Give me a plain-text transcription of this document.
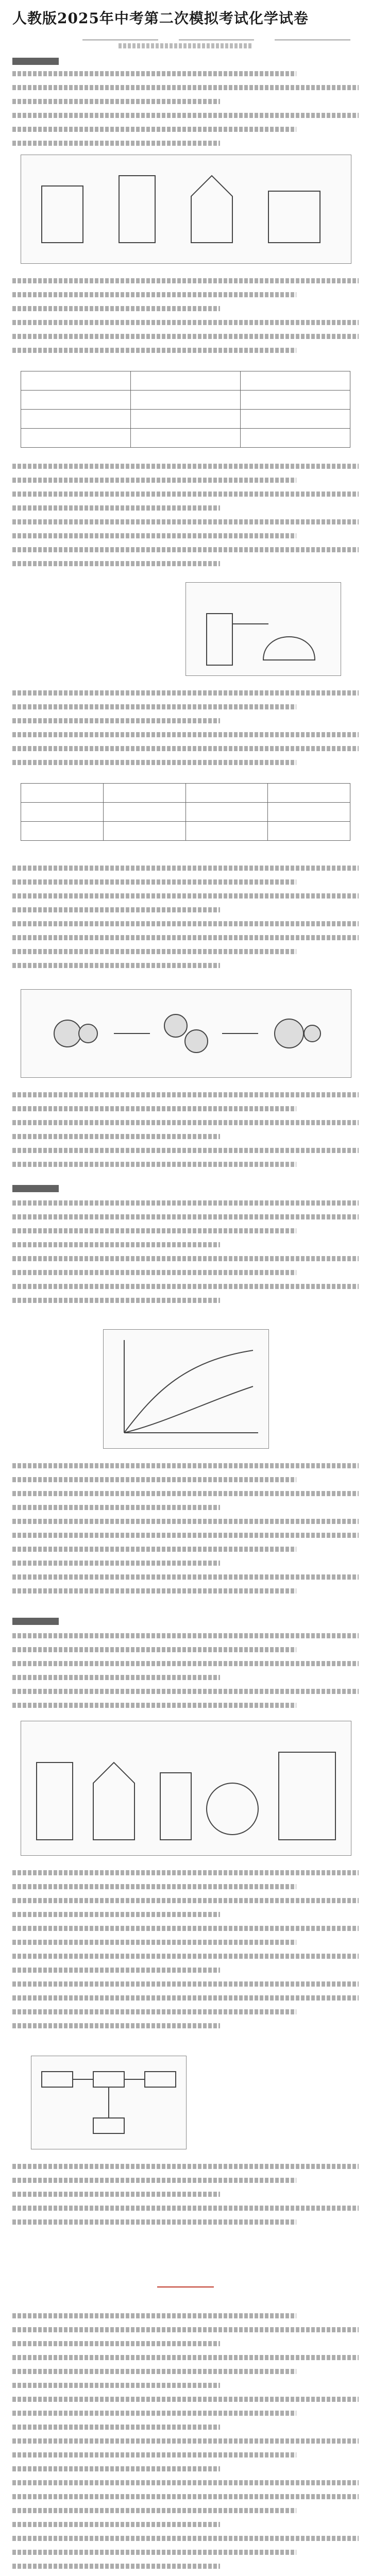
人教版2025年中考第二次模拟考试化学试卷
